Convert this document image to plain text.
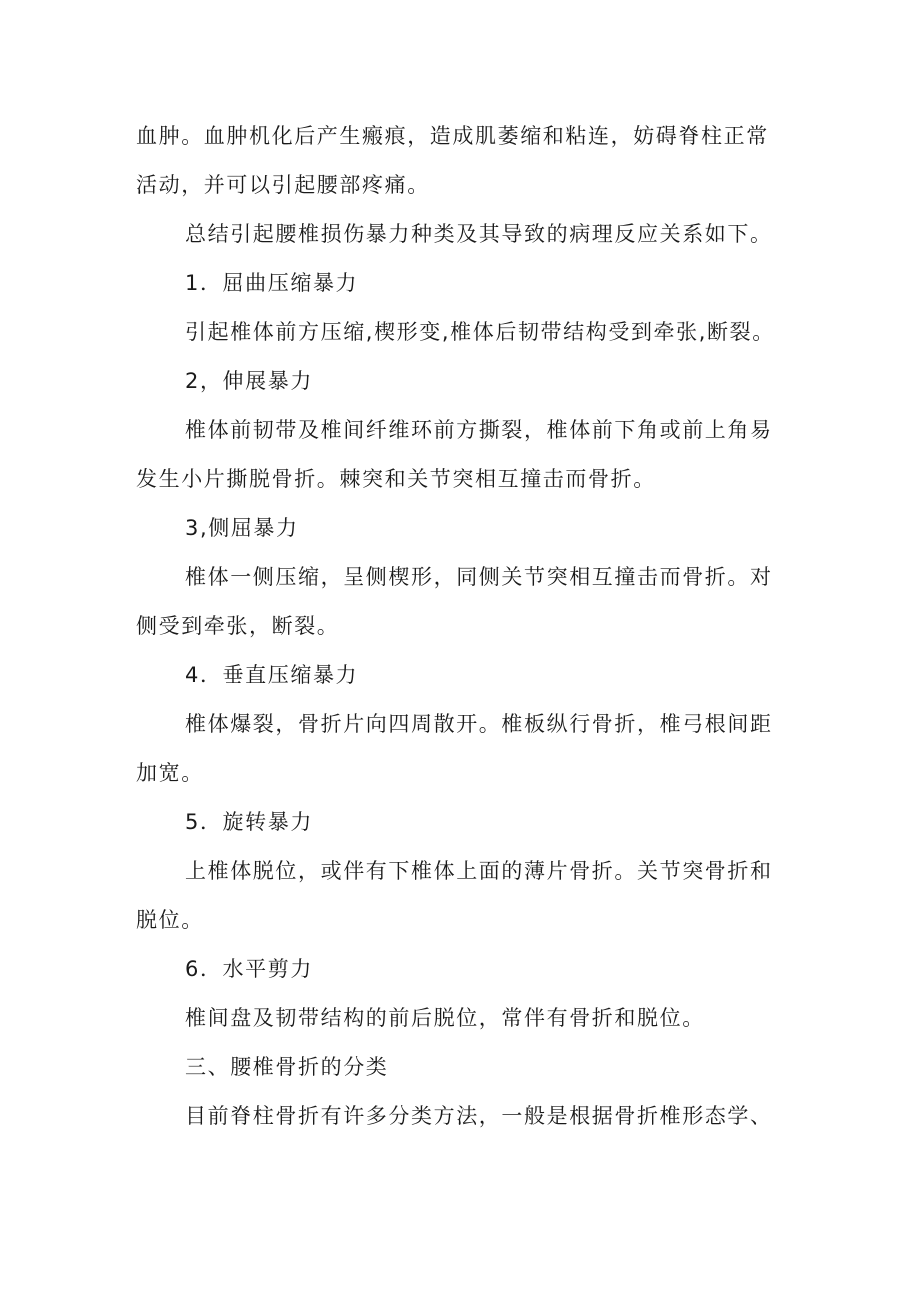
血肿。血肿机化后产生瘢痕，造成肌萎缩和粘连，妨碍脊柱正常

活动，并可以引起腰部疼痛。

总结引起腰椎损伤暴力种类及其导致的病理反应关系如下。

1．屈曲压缩暴力

引起椎体前方压缩,楔形变,椎体后韧带结构受到牵张,断裂。

2，伸展暴力

椎体前韧带及椎间纤维环前方撕裂，椎体前下角或前上角易

发生小片撕脱骨折。棘突和关节突相互撞击而骨折。

3,侧屈暴力

椎体一侧压缩，呈侧楔形，同侧关节突相互撞击而骨折。对

侧受到牵张，断裂。

4．垂直压缩暴力

椎体爆裂，骨折片向四周散开。椎板纵行骨折，椎弓根间距

加宽。

5．旋转暴力

上椎体脱位，或伴有下椎体上面的薄片骨折。关节突骨折和

脱位。

6．水平剪力

椎间盘及韧带结构的前后脱位，常伴有骨折和脱位。

三、腰椎骨折的分类

目前脊柱骨折有许多分类方法，一般是根据骨折椎形态学、
